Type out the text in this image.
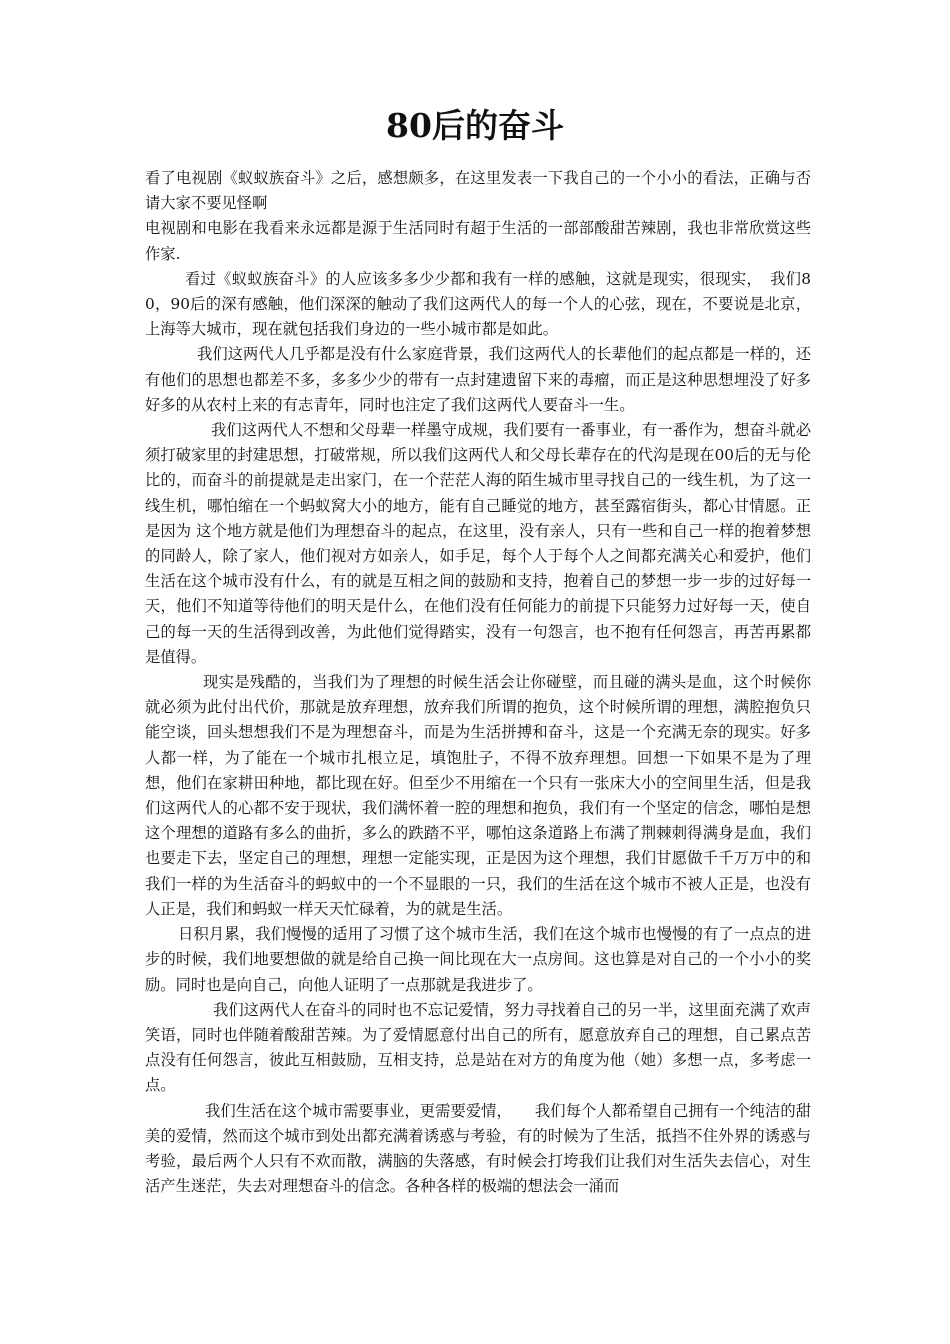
80后的奋斗

看了电视剧《蚁蚁族奋斗》之后，感想颇多，在这里发表一下我自己的一个小小的看法，正确与否请大家不要见怪啊

电视剧和电影在我看来永远都是源于生活同时有超于生活的一部部酸甜苦辣剧，我也非常欣赏这些作家.

看过《蚁蚁族奋斗》的人应该多多少少都和我有一样的感触，这就是现实，很现实，　我们80，90后的深有感触，他们深深的触动了我们这两代人的每一个人的心弦，现在，不要说是北京，上海等大城市，现在就包括我们身边的一些小城市都是如此。

我们这两代人几乎都是没有什么家庭背景，我们这两代人的长辈他们的起点都是一样的，还有他们的思想也都差不多，多多少少的带有一点封建遗留下来的毒瘤，而正是这种思想埋没了好多好多的从农村上来的有志青年，同时也注定了我们这两代人要奋斗一生。

我们这两代人不想和父母辈一样墨守成规，我们要有一番事业，有一番作为，想奋斗就必须打破家里的封建思想，打破常规，所以我们这两代人和父母长辈存在的代沟是现在00后的无与伦比的，而奋斗的前提就是走出家门，在一个茫茫人海的陌生城市里寻找自己的一线生机，为了这一线生机，哪怕缩在一个蚂蚁窝大小的地方，能有自己睡觉的地方，甚至露宿街头，都心甘情愿。正是因为 这个地方就是他们为理想奋斗的起点，在这里，没有亲人，只有一些和自己一样的抱着梦想的同龄人，除了家人，他们视对方如亲人，如手足，每个人于每个人之间都充满关心和爱护，他们生活在这个城市没有什么，有的就是互相之间的鼓励和支持，抱着自己的梦想一步一步的过好每一天，他们不知道等待他们的明天是什么，在他们没有任何能力的前提下只能努力过好每一天，使自己的每一天的生活得到改善，为此他们觉得踏实，没有一句怨言，也不抱有任何怨言，再苦再累都是值得。

现实是残酷的，当我们为了理想的时候生活会让你碰壁，而且碰的满头是血，这个时候你就必须为此付出代价，那就是放弃理想，放弃我们所谓的抱负，这个时候所谓的理想，满腔抱负只能空谈，回头想想我们不是为理想奋斗，而是为生活拼搏和奋斗，这是一个充满无奈的现实。好多人都一样，为了能在一个城市扎根立足，填饱肚子，不得不放弃理想。回想一下如果不是为了理想，他们在家耕田种地，都比现在好。但至少不用缩在一个只有一张床大小的空间里生活，但是我们这两代人的心都不安于现状，我们满怀着一腔的理想和抱负，我们有一个坚定的信念，哪怕是想这个理想的道路有多么的曲折，多么的跌踏不平，哪怕这条道路上布满了荆棘刺得满身是血，我们也要走下去，坚定自己的理想，理想一定能实现，正是因为这个理想，我们甘愿做千千万万中的和我们一样的为生活奋斗的蚂蚁中的一个不显眼的一只，我们的生活在这个城市不被人正是，也没有人正是，我们和蚂蚁一样天天忙碌着，为的就是生活。

日积月累，我们慢慢的适用了习惯了这个城市生活，我们在这个城市也慢慢的有了一点点的进步的时候，我们地要想做的就是给自己换一间比现在大一点房间。这也算是对自己的一个小小的奖励。同时也是向自己，向他人证明了一点那就是我进步了。

我们这两代人在奋斗的同时也不忘记爱情，努力寻找着自己的另一半，这里面充满了欢声笑语，同时也伴随着酸甜苦辣。为了爱情愿意付出自己的所有，愿意放弃自己的理想，自己累点苦点没有任何怨言，彼此互相鼓励，互相支持，总是站在对方的角度为他（她）多想一点，多考虑一点。

我们生活在这个城市需要事业，更需要爱情，　　我们每个人都希望自己拥有一个纯洁的甜美的爱情，然而这个城市到处出都充满着诱惑与考验，有的时候为了生活，抵挡不住外界的诱惑与考验，最后两个人只有不欢而散，满脑的失落感，有时候会打垮我们让我们对生活失去信心，对生活产生迷茫，失去对理想奋斗的信念。各种各样的极端的想法会一涌而
